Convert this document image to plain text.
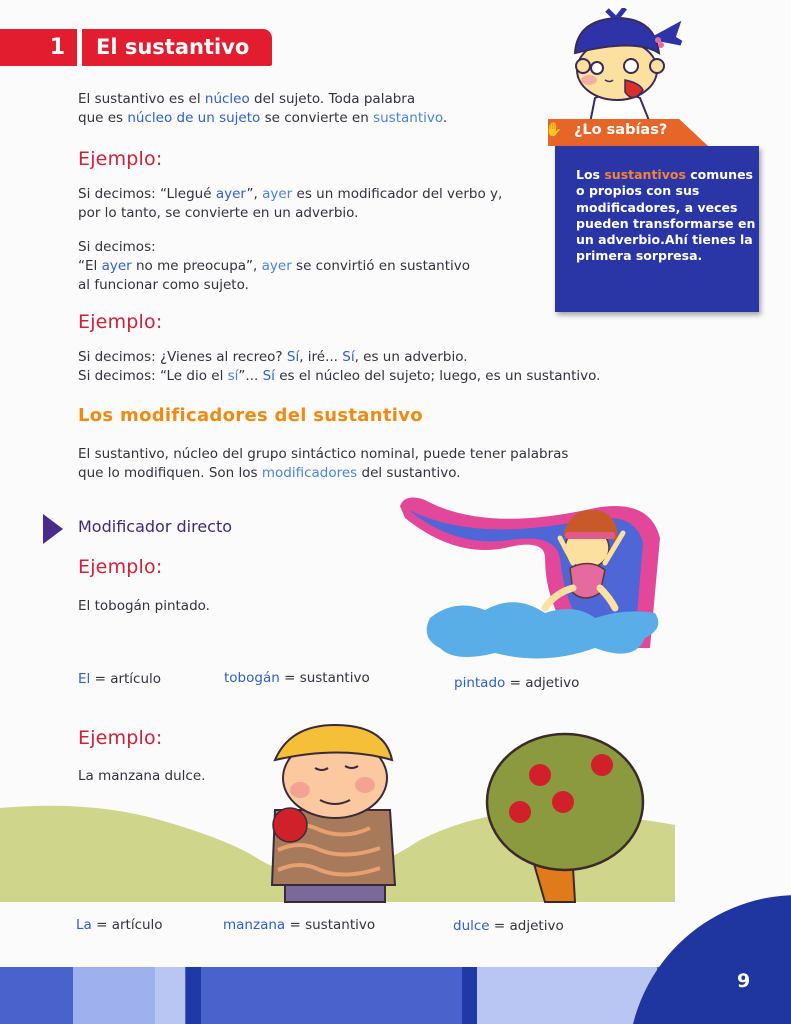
1	El sustantivo
El sustantivo es el núcleo del sujeto. Toda palabra
que es núcleo de un sujeto se convierte en sustantivo.
Ejemplo:
Si decimos: “Llegué ayer”, ayer es un modificador del verbo y,
por lo tanto, se convierte en un adverbio.
Si decimos:
“El ayer no me preocupa”, ayer se convirtió en sustantivo
al funcionar como sujeto.
Ejemplo:
Si decimos: ¿Vienes al recreo? Sí, iré... Sí, es un adverbio.
Si decimos: “Le dio el sí”... Sí es el núcleo del sujeto; luego, es un sustantivo.
✋ ¿Lo sabías?
Los sustantivos comunes o propios con sus modificadores, a veces pueden transformarse en un adverbio.Ahí tienes la primera sorpresa.
Los modificadores del sustantivo
El sustantivo, núcleo del grupo sintáctico nominal, puede tener palabras
que lo modifiquen. Son los modificadores del sustantivo.
Modificador directo
Ejemplo:
El tobogán pintado.
El = artículo	tobogán = sustantivo	pintado = adjetivo
Ejemplo:
La manzana dulce.
La = artículo	manzana = sustantivo	dulce = adjetivo
9
